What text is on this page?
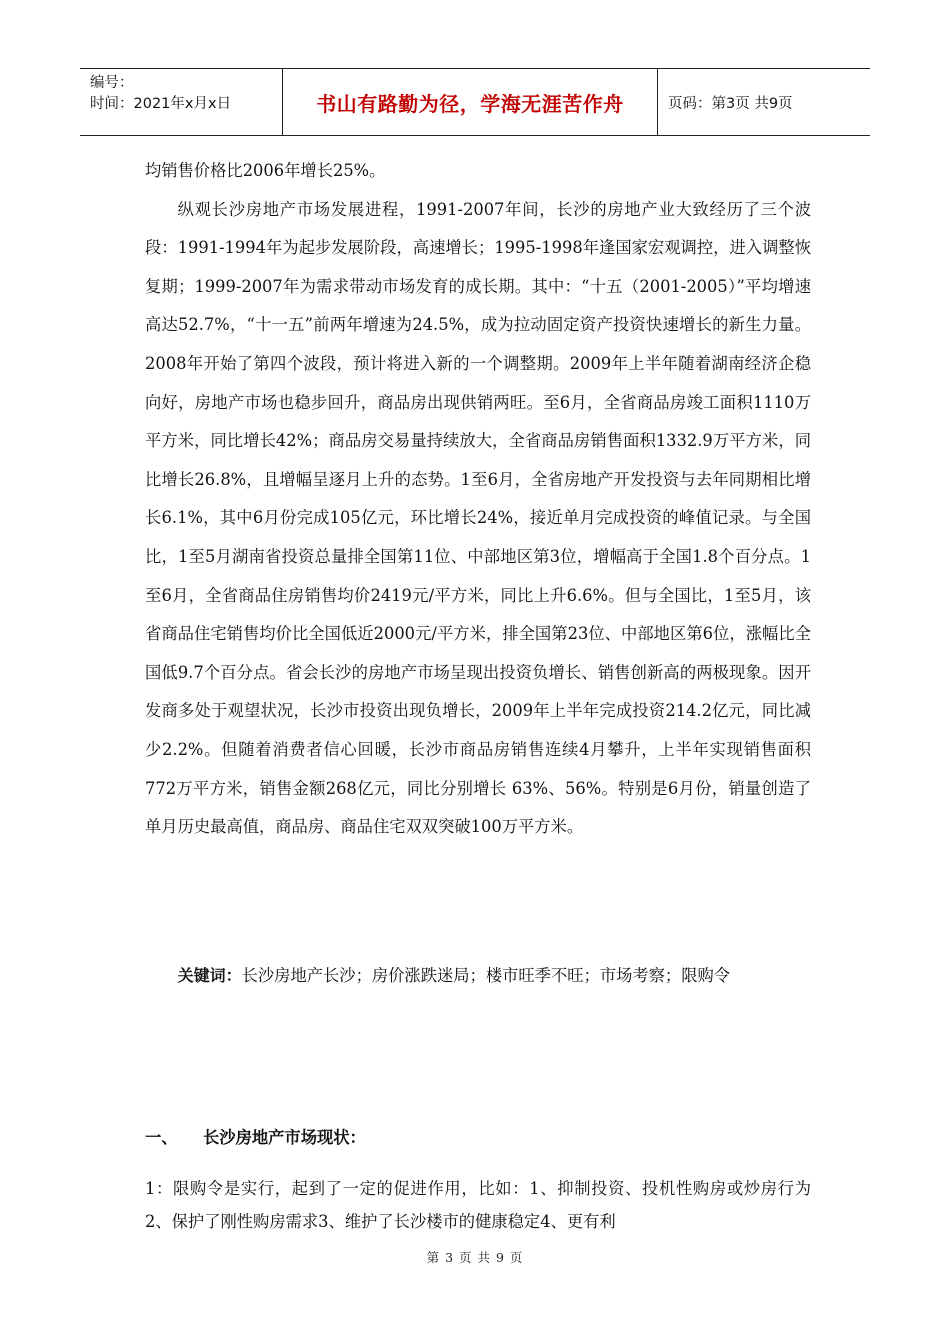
编号：
时间：2021年x月x日	书山有路勤为径，学海无涯苦作舟	页码：第3页 共9页

均销售价格比2006年增长25%。

纵观长沙房地产市场发展进程，1991-2007年间，长沙的房地产业大致经历了三个波段：1991-1994年为起步发展阶段，高速增长；1995-1998年逢国家宏观调控，进入调整恢复期；1999-2007年为需求带动市场发育的成长期。其中：“十五（2001-2005）”平均增速高达52.7%，“十一五”前两年增速为24.5%，成为拉动固定资产投资快速增长的新生力量。2008年开始了第四个波段，预计将进入新的一个调整期。2009年上半年随着湖南经济企稳向好，房地产市场也稳步回升，商品房出现供销两旺。至6月，全省商品房竣工面积1110万平方米，同比增长42%；商品房交易量持续放大，全省商品房销售面积1332.9万平方米，同比增长26.8%，且增幅呈逐月上升的态势。1至6月，全省房地产开发投资与去年同期相比增长6.1%，其中6月份完成105亿元，环比增长24%，接近单月完成投资的峰值记录。与全国比，1至5月湖南省投资总量排全国第11位、中部地区第3位，增幅高于全国1.8个百分点。1至6月，全省商品住房销售均价2419元/平方米，同比上升6.6%。但与全国比，1至5月，该省商品住宅销售均价比全国低近2000元/平方米，排全国第23位、中部地区第6位，涨幅比全国低9.7个百分点。省会长沙的房地产市场呈现出投资负增长、销售创新高的两极现象。因开发商多处于观望状况，长沙市投资出现负增长，2009年上半年完成投资214.2亿元，同比减少2.2%。但随着消费者信心回暖，长沙市商品房销售连续4月攀升，上半年实现销售面积772万平方米，销售金额268亿元，同比分别增长 63%、56%。特别是6月份，销量创造了单月历史最高值，商品房、商品住宅双双突破100万平方米。

关键词：长沙房地产长沙；房价涨跌迷局；楼市旺季不旺；市场考察；限购令
一、	长沙房地产市场现状：
1：限购令是实行，起到了一定的促进作用，比如：1、抑制投资、投机性购房或炒房行为2、保护了刚性购房需求3、维护了长沙楼市的健康稳定4、更有利
第 3 页 共 9 页
